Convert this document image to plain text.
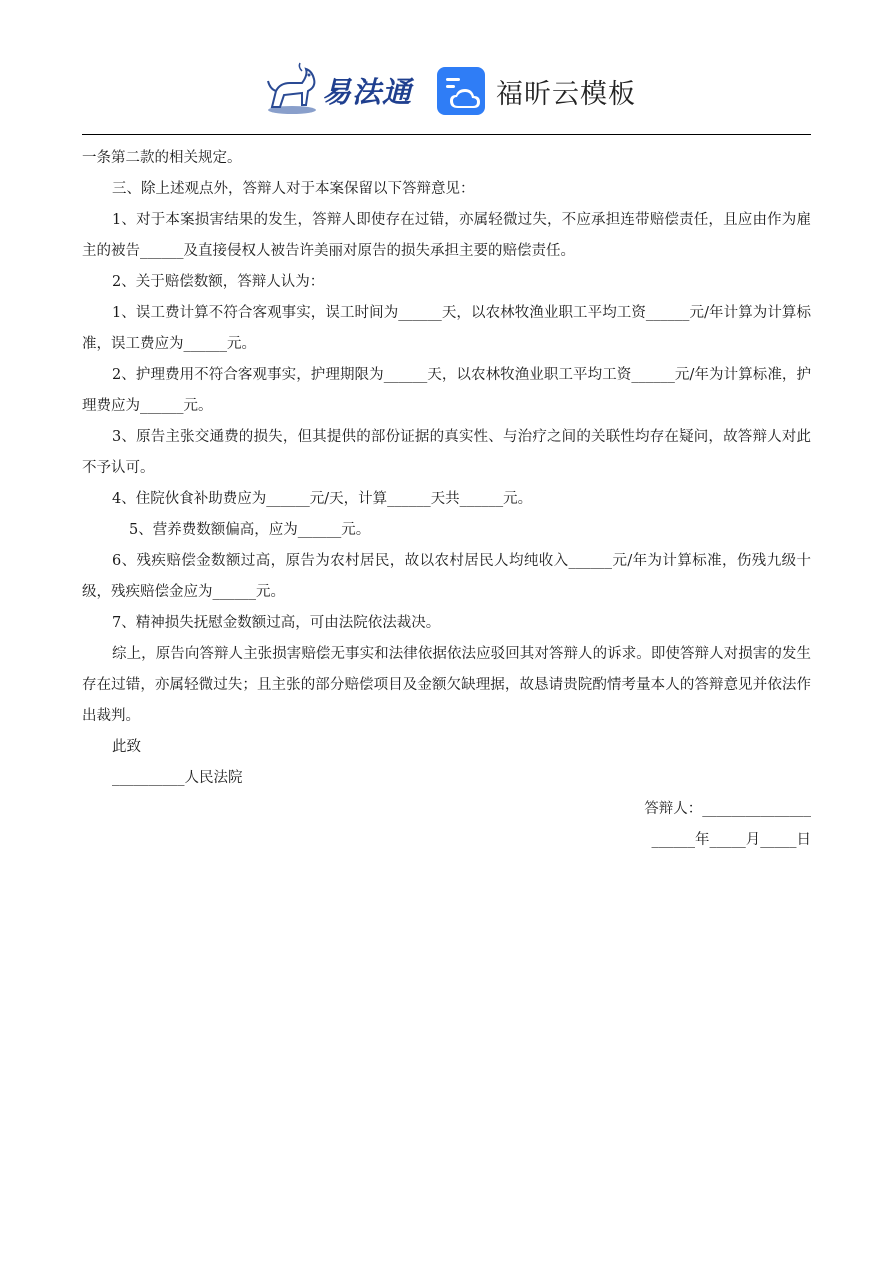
易法通	福昕云模板

一条第二款的相关规定。

三、除上述观点外，答辩人对于本案保留以下答辩意见：

1、对于本案损害结果的发生，答辩人即使存在过错，亦属轻微过失，不应承担连带赔偿责任，且应由作为雇主的被告______及直接侵权人被告许美丽对原告的损失承担主要的赔偿责任。

2、关于赔偿数额，答辩人认为：

1、误工费计算不符合客观事实，误工时间为______天，以农林牧渔业职工平均工资______元/年计算为计算标准，误工费应为______元。

2、护理费用不符合客观事实，护理期限为______天，以农林牧渔业职工平均工资______元/年为计算标准，护理费应为______元。

3、原告主张交通费的损失，但其提供的部份证据的真实性、与治疗之间的关联性均存在疑问，故答辩人对此不予认可。

4、住院伙食补助费应为______元/天，计算______天共______元。

5、营养费数额偏高，应为______元。

6、残疾赔偿金数额过高，原告为农村居民，故以农村居民人均纯收入______元/年为计算标准，伤残九级十级，残疾赔偿金应为______元。

7、精神损失抚慰金数额过高，可由法院依法裁决。

综上，原告向答辩人主张损害赔偿无事实和法律依据依法应驳回其对答辩人的诉求。即使答辩人对损害的发生存在过错，亦属轻微过失；且主张的部分赔偿项目及金额欠缺理据，故恳请贵院酌情考量本人的答辩意见并依法作出裁判。

此致

__________人民法院

答辩人：_______________

______年_____月_____日
